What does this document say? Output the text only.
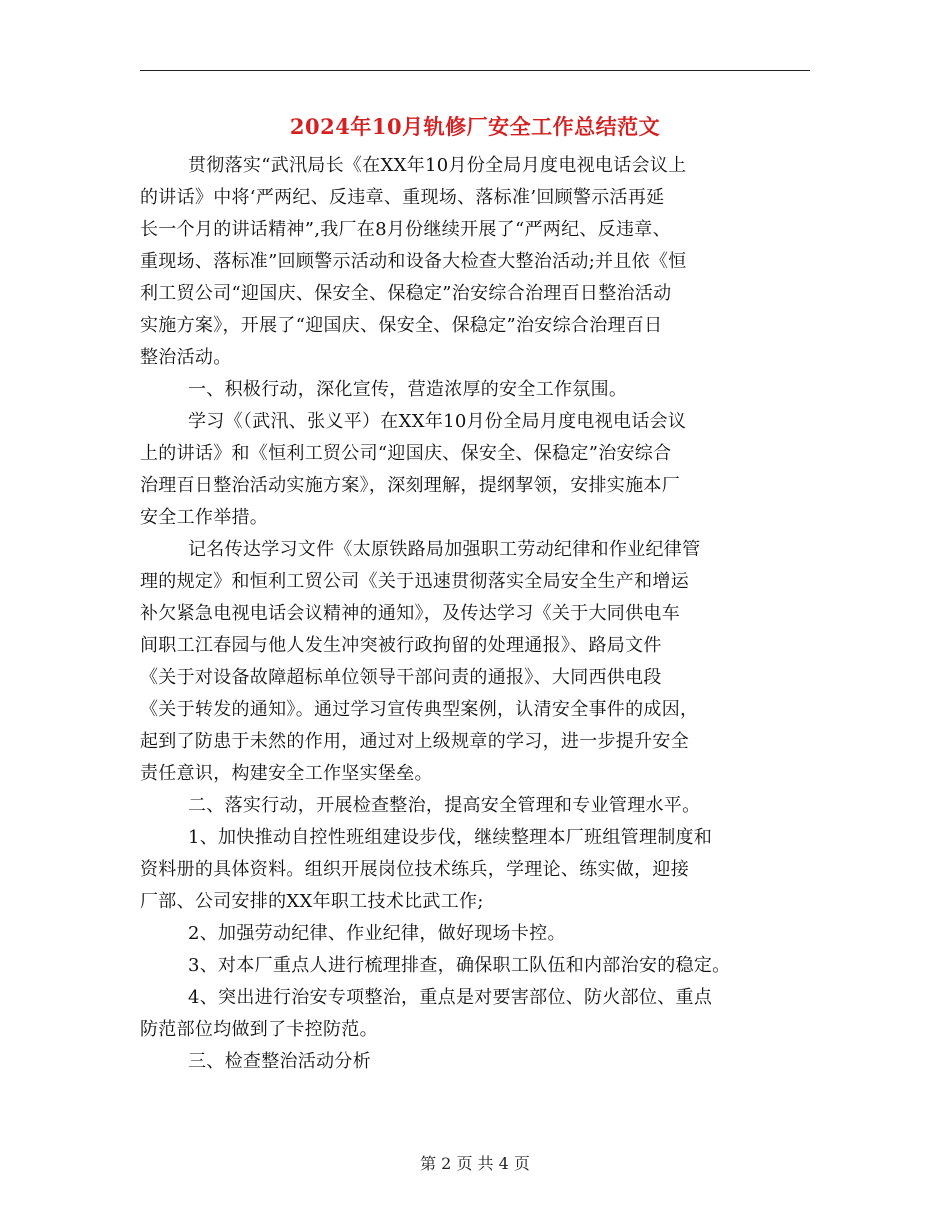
2024年10月轨修厂安全工作总结范文

贯彻落实“武汛局长《在XX年10月份全局月度电视电话会议上
的讲话》中将‘严两纪、反违章、重现场、落标准’回顾警示活再延
长一个月的讲话精神”,我厂在8月份继续开展了“严两纪、反违章、
重现场、落标准”回顾警示活动和设备大检查大整治活动;并且依《恒
利工贸公司“迎国庆、保安全、保稳定”治安综合治理百日整治活动
实施方案》，开展了“迎国庆、保安全、保稳定”治安综合治理百日
整治活动。

一、积极行动，深化宣传，营造浓厚的安全工作氛围。

学习《（武汛、张义平）在XX年10月份全局月度电视电话会议
上的讲话》和《恒利工贸公司“迎国庆、保安全、保稳定”治安综合
治理百日整治活动实施方案》，深刻理解，提纲挈领，安排实施本厂
安全工作举措。

记名传达学习文件《太原铁路局加强职工劳动纪律和作业纪律管
理的规定》和恒利工贸公司《关于迅速贯彻落实全局安全生产和增运
补欠紧急电视电话会议精神的通知》，及传达学习《关于大同供电车
间职工江春园与他人发生冲突被行政拘留的处理通报》、路局文件
《关于对设备故障超标单位领导干部问责的通报》、大同西供电段
《关于转发的通知》。通过学习宣传典型案例，认清安全事件的成因，
起到了防患于未然的作用，通过对上级规章的学习，进一步提升安全
责任意识，构建安全工作坚实堡垒。

二、落实行动，开展检查整治，提高安全管理和专业管理水平。

1、加快推动自控性班组建设步伐，继续整理本厂班组管理制度和
资料册的具体资料。组织开展岗位技术练兵，学理论、练实做，迎接
厂部、公司安排的XX年职工技术比武工作;

2、加强劳动纪律、作业纪律，做好现场卡控。

3、对本厂重点人进行梳理排查，确保职工队伍和内部治安的稳定。

4、突出进行治安专项整治，重点是对要害部位、防火部位、重点
防范部位均做到了卡控防范。

三、检查整治活动分析

第 2 页 共 4 页
